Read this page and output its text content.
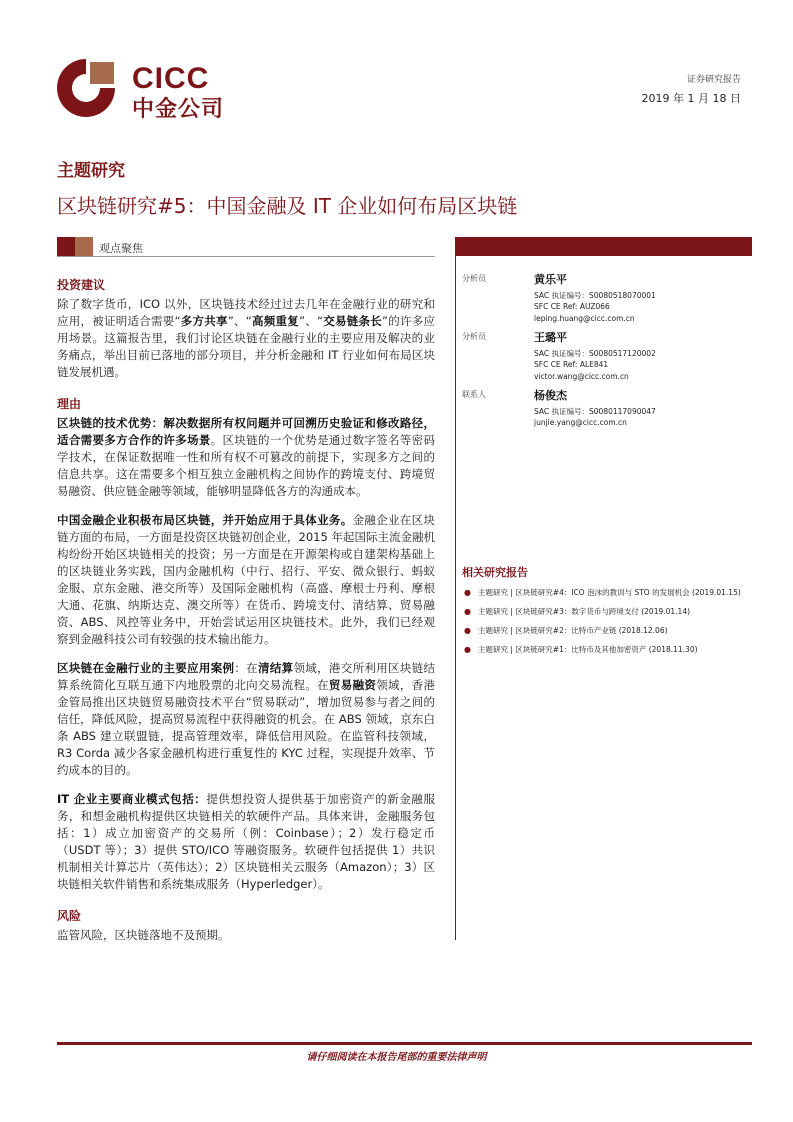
CICC
中金公司
证券研究报告
2019 年 1 月 18 日
主题研究
区块链研究#5：中国金融及 IT 企业如何布局区块链
观点聚焦
投资建议
除了数字货币，ICO 以外，区块链技术经过过去几年在金融行业的研究和应用，被证明适合需要“多方共享”、“高频重复”、“交易链条长”的许多应用场景。这篇报告里，我们讨论区块链在金融行业的主要应用及解决的业务痛点，举出目前已落地的部分项目，并分析金融和 IT 行业如何布局区块链发展机遇。
理由
区块链的技术优势：解决数据所有权问题并可回溯历史验证和修改路径，适合需要多方合作的许多场景。区块链的一个优势是通过数字签名等密码学技术，在保证数据唯一性和所有权不可篡改的前提下，实现多方之间的信息共享。这在需要多个相互独立金融机构之间协作的跨境支付、跨境贸易融资、供应链金融等领域，能够明显降低各方的沟通成本。
中国金融企业积极布局区块链，并开始应用于具体业务。金融企业在区块链方面的布局，一方面是投资区块链初创企业，2015 年起国际主流金融机构纷纷开始区块链相关的投资；另一方面是在开源架构或自建架构基础上的区块链业务实践，国内金融机构（中行、招行、平安、微众银行、蚂蚁金服、京东金融、港交所等）及国际金融机构（高盛、摩根士丹利、摩根大通、花旗、纳斯达克、澳交所等）在货币、跨境支付、清结算、贸易融资、ABS、风控等业务中，开始尝试运用区块链技术。此外，我们已经观察到金融科技公司有较强的技术输出能力。
区块链在金融行业的主要应用案例：在清结算领域，港交所利用区块链结算系统简化互联互通下内地股票的北向交易流程。在贸易融资领域，香港金管局推出区块链贸易融资技术平台“贸易联动”，增加贸易参与者之间的信任，降低风险，提高贸易流程中获得融资的机会。在 ABS 领域，京东白条 ABS 建立联盟链，提高管理效率，降低信用风险。在监管科技领域，R3 Corda 减少各家金融机构进行重复性的 KYC 过程，实现提升效率、节约成本的目的。
IT 企业主要商业模式包括：提供想投资人提供基于加密资产的新金融服务，和想金融机构提供区块链相关的软硬件产品。具体来讲，金融服务包括：1）成立加密资产的交易所（例：Coinbase）；2）发行稳定币（USDT 等）；3）提供 STO/ICO 等融资服务。软硬件包括提供 1）共识机制相关计算芯片（英伟达）；2）区块链相关云服务（Amazon）；3）区块链相关软件销售和系统集成服务（Hyperledger）。
风险
监管风险，区块链落地不及预期。
分析员	黄乐平
SAC 执证编号：S0080518070001
SFC CE Ref: AUZ066
leping.huang@cicc.com.cn
分析员	王璐平
SAC 执证编号：S0080517120002
SFC CE Ref: ALE841
victor.wang@cicc.com.cn
联系人	杨俊杰
SAC 执证编号：S0080117090047
junjie.yang@cicc.com.cn
相关研究报告
● 主题研究 | 区块链研究#4：ICO 泡沫的教训与 STO 的发展机会 (2019.01.15)
● 主题研究 | 区块链研究#3：数字货币与跨境支付 (2019.01.14)
● 主题研究 | 区块链研究#2：比特币产业链 (2018.12.06)
● 主题研究 | 区块链研究#1：比特币及其他加密资产 (2018.11.30)
请仔细阅读在本报告尾部的重要法律声明
